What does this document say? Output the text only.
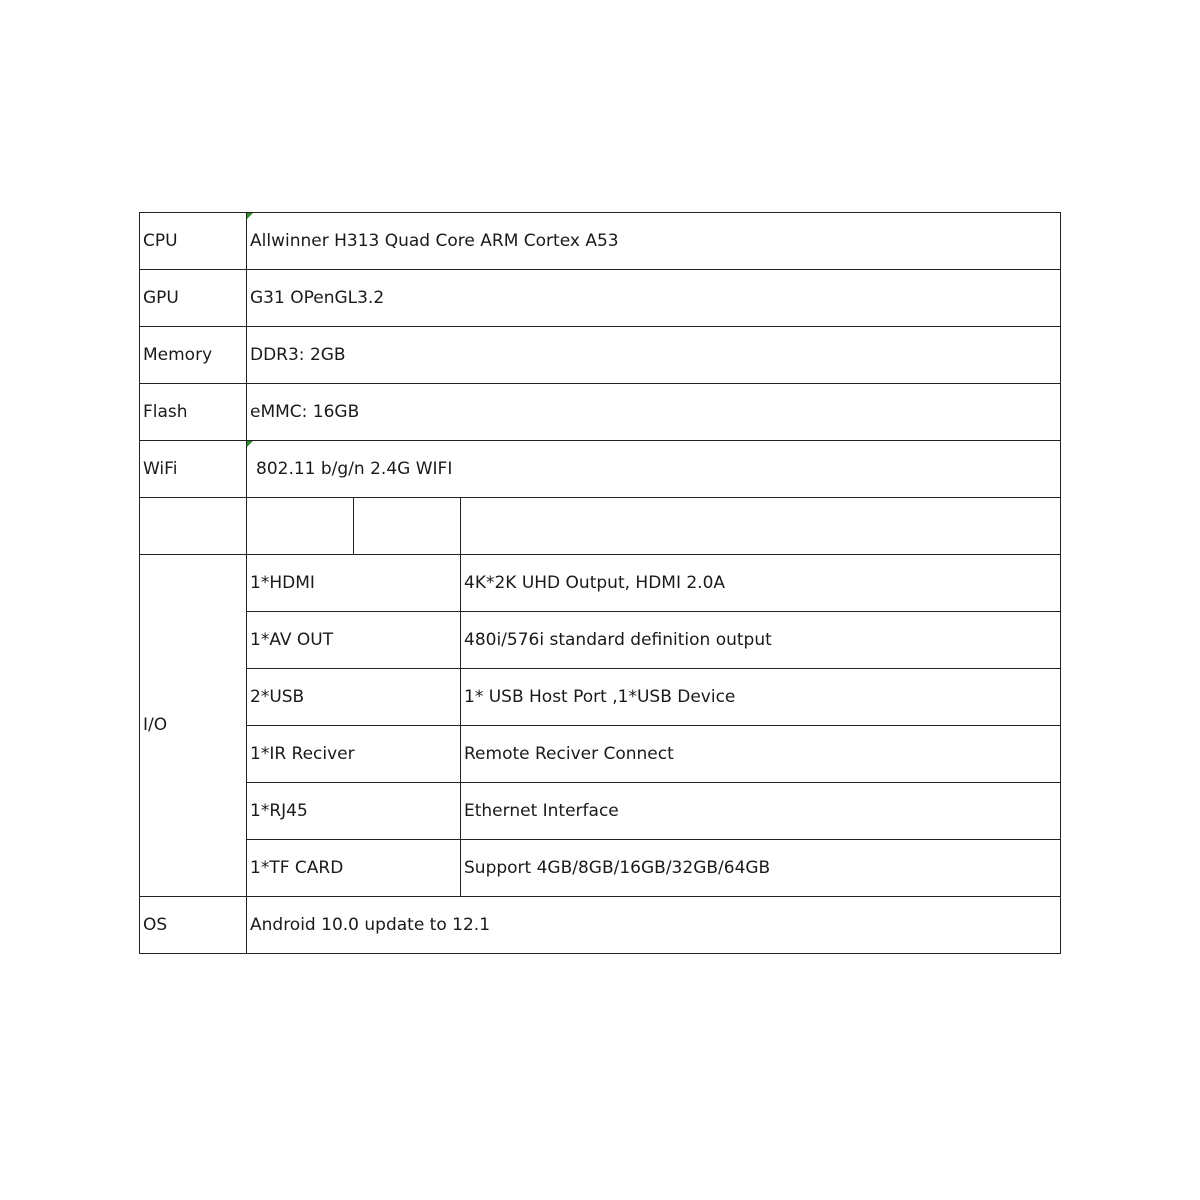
CPU	Allwinner H313 Quad Core ARM Cortex A53		
GPU	G31 OPenGL3.2		
Memory	DDR3: 2GB		
Flash	eMMC: 16GB		
WiFi	802.11 b/g/n 2.4G WIFI		

I/O	1*HDMI		4K*2K UHD Output, HDMI 2.0A
	1*AV OUT		480i/576i standard definition output
	2*USB		1* USB Host Port ,1*USB Device
	1*IR Reciver		Remote Reciver Connect
	1*RJ45		Ethernet Interface
	1*TF CARD		Support 4GB/8GB/16GB/32GB/64GB
OS	Android 10.0 update to 12.1		
